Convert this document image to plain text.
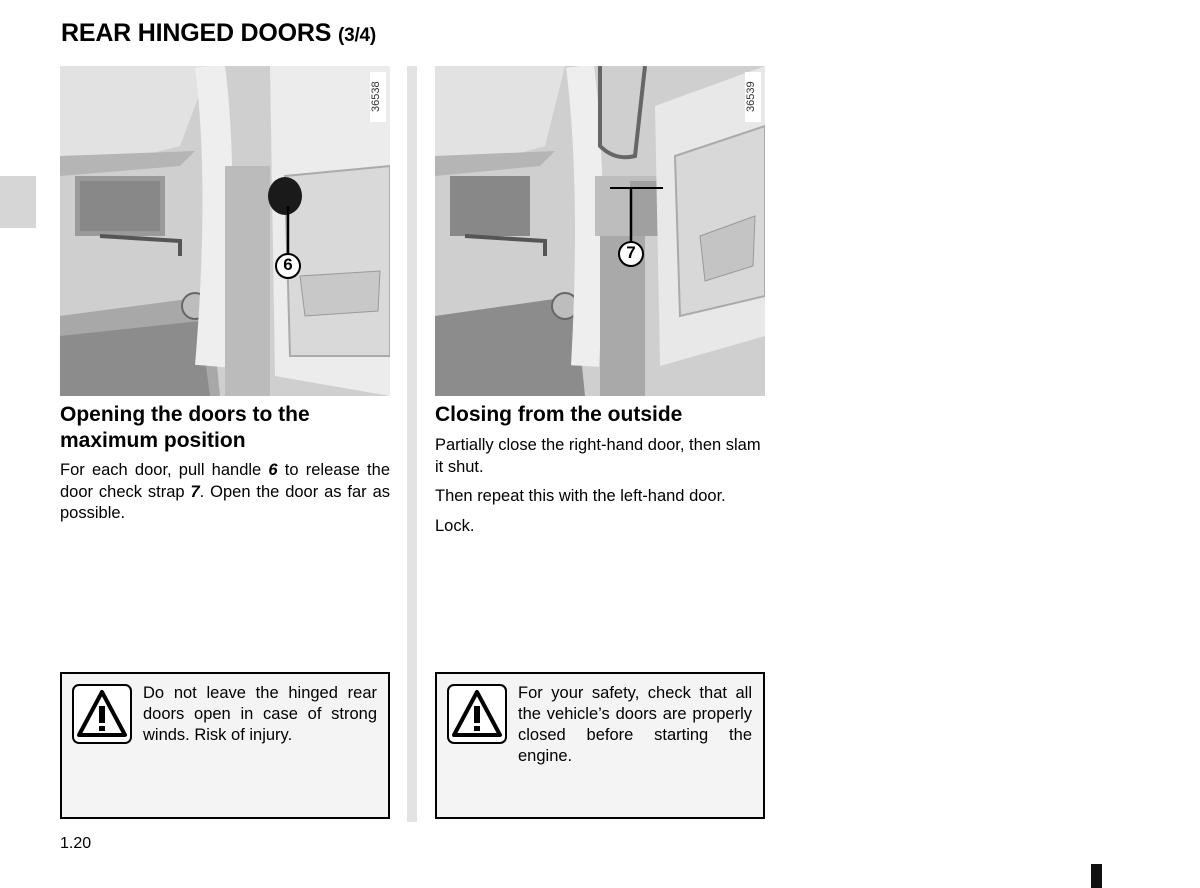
REAR HINGED DOORS (3/4)
36538
6
36539
7
Opening the doors to the
maximum position
For each door, pull handle 6 to release the door check strap 7. Open the door as far as possible.
Closing from the outside
Partially close the right-hand door, then slam it shut.
Then repeat this with the left-hand door.
Lock.
Do not leave the hinged rear doors open in case of strong winds. Risk of injury.
For your safety, check that all the vehicle’s doors are properly closed before starting the engine.
1.20
